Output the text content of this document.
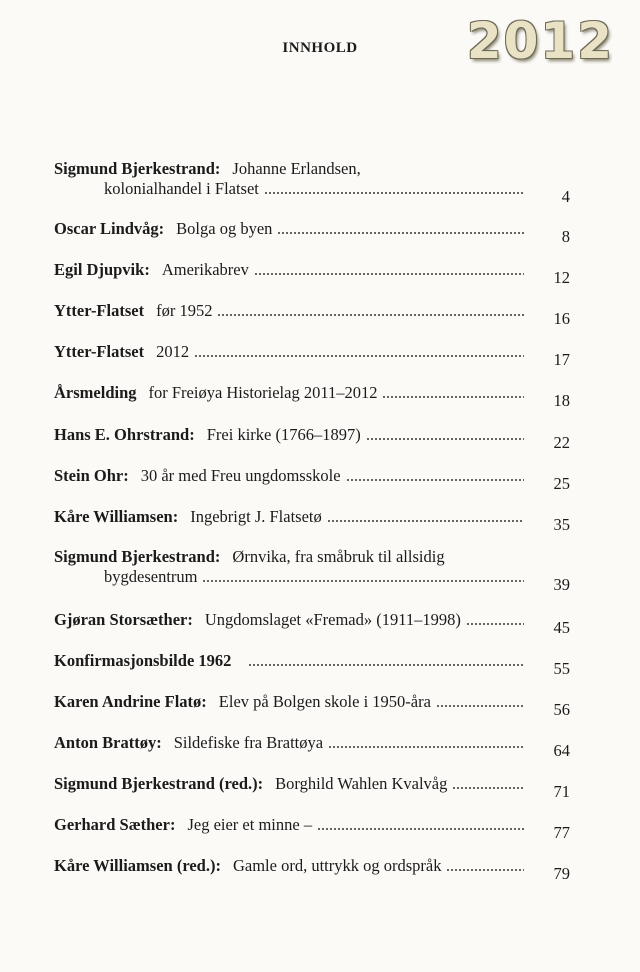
2012
INNHOLD
Sigmund Bjerkestrand: Johanne Erlandsen,
kolonialhandel i Flatset	4
Oscar Lindvåg: Bolga og byen	8
Egil Djupvik: Amerikabrev	12
Ytter-Flatset før 1952	16
Ytter-Flatset 2012	17
Årsmelding for Freiøya Historielag 2011–2012	18
Hans E. Ohrstrand: Frei kirke (1766–1897)	22
Stein Ohr: 30 år med Freu ungdomsskole	25
Kåre Williamsen: Ingebrigt J. Flatsetø	35
Sigmund Bjerkestrand: Ørnvika, fra småbruk til allsidig
bygdesentrum	39
Gjøran Storsæther: Ungdomslaget «Fremad» (1911–1998)	45
Konfirmasjonsbilde 1962	55
Karen Andrine Flatø: Elev på Bolgen skole i 1950-åra	56
Anton Brattøy: Sildefiske fra Brattøya	64
Sigmund Bjerkestrand (red.): Borghild Wahlen Kvalvåg	71
Gerhard Sæther: Jeg eier et minne –	77
Kåre Williamsen (red.): Gamle ord, uttrykk og ordspråk	79
